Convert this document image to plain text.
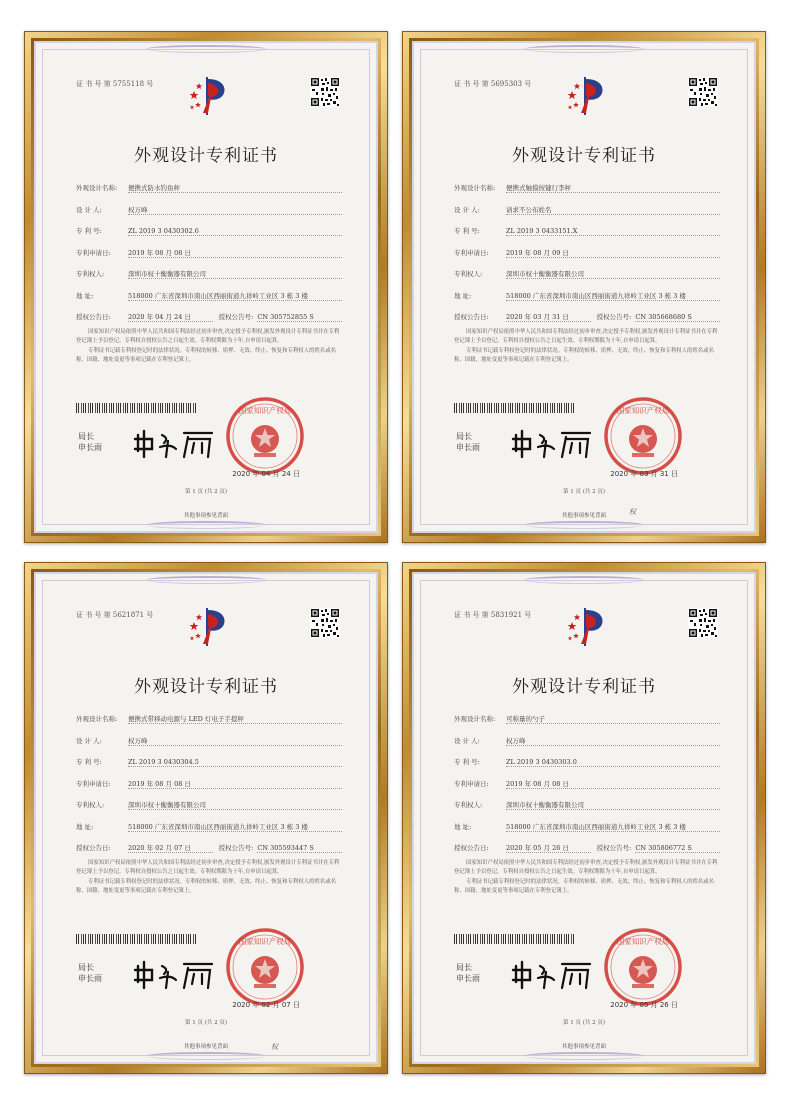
证 书 号 第 5755118 号
外观设计专利证书
外观设计名称:	便携式防水钓鱼秤
设 计 人:	权万峰
专 利 号:	ZL 2019 3 0430302.6
专利申请日:	2019 年 08 月 08 日
专利权人:	深圳市权十衡衡器有限公司
地 址:	518000 广东省深圳市南山区西丽街道九祥岭工业区 3 栋 3 楼
授权公告日:	2020 年 04 月 24 日	授权公告号: CN 305752855 S

国家知识产权局依照中华人民共和国专利法经过初步审查,决定授予专利权,颁发外观设计专利证书并在专利登记簿上予以登记。专利权自授权公告之日起生效。专利权期限为十年,自申请日起算。

专利证书记载专利权登记时的法律状况。专利权的转移、质押、无效、终止、恢复和专利权人的姓名或名称、国籍、地址变更等事项记载在专利登记簿上。

局长
申长雨
国家知识产权局
2020 年 04 月 24 日
第 1 页 (共 2 页)
其他事项参见背面
证 书 号 第 5695303 号
外观设计专利证书
外观设计名称:	便携式触摸按键行李秤
设 计 人:	请求不公布姓名
专 利 号:	ZL 2019 3 0433151.X
专利申请日:	2019 年 08 月 09 日
专利权人:	深圳市权十衡衡器有限公司
地 址:	518000 广东省深圳市南山区西丽街道九祥岭工业区 3 栋 3 楼
授权公告日:	2020 年 03 月 31 日	授权公告号: CN 305668680 S

国家知识产权局依照中华人民共和国专利法经过初步审查,决定授予专利权,颁发外观设计专利证书并在专利登记簿上予以登记。专利权自授权公告之日起生效。专利权期限为十年,自申请日起算。

专利证书记载专利权登记时的法律状况。专利权的转移、质押、无效、终止、恢复和专利权人的姓名或名称、国籍、地址变更等事项记载在专利登记簿上。

局长
申长雨
国家知识产权局
2020 年 03 月 31 日
第 1 页 (共 2 页)
其他事项参见背面	权
证 书 号 第 5621871 号
外观设计专利证书
外观设计名称:	便携式带移动电源与 LED 灯电子手提秤
设 计 人:	权万峰
专 利 号:	ZL 2019 3 0430304.5
专利申请日:	2019 年 08 月 08 日
专利权人:	深圳市权十衡衡器有限公司
地 址:	518000 广东省深圳市南山区西丽街道九祥岭工业区 3 栋 3 楼
授权公告日:	2020 年 02 月 07 日	授权公告号: CN 305593447 S

国家知识产权局依照中华人民共和国专利法经过初步审查,决定授予专利权,颁发外观设计专利证书并在专利登记簿上予以登记。专利权自授权公告之日起生效。专利权期限为十年,自申请日起算。

专利证书记载专利权登记时的法律状况。专利权的转移、质押、无效、终止、恢复和专利权人的姓名或名称、国籍、地址变更等事项记载在专利登记簿上。

局长
申长雨
国家知识产权局
2020 年 02 月 07 日
第 1 页 (共 2 页)
其他事项参见背面	权
证 书 号 第 5831921 号
外观设计专利证书
外观设计名称:	可称量的勺子
设 计 人:	权万峰
专 利 号:	ZL 2019 3 0430303.0
专利申请日:	2019 年 08 月 08 日
专利权人:	深圳市权十衡衡器有限公司
地 址:	518000 广东省深圳市南山区西丽街道九祥岭工业区 3 栋 3 楼
授权公告日:	2020 年 05 月 26 日	授权公告号: CN 305806772 S

国家知识产权局依照中华人民共和国专利法经过初步审查,决定授予专利权,颁发外观设计专利证书并在专利登记簿上予以登记。专利权自授权公告之日起生效。专利权期限为十年,自申请日起算。

专利证书记载专利权登记时的法律状况。专利权的转移、质押、无效、终止、恢复和专利权人的姓名或名称、国籍、地址变更等事项记载在专利登记簿上。

局长
申长雨
国家知识产权局
2020 年 05 月 26 日
第 1 页 (共 2 页)
其他事项参见背面
